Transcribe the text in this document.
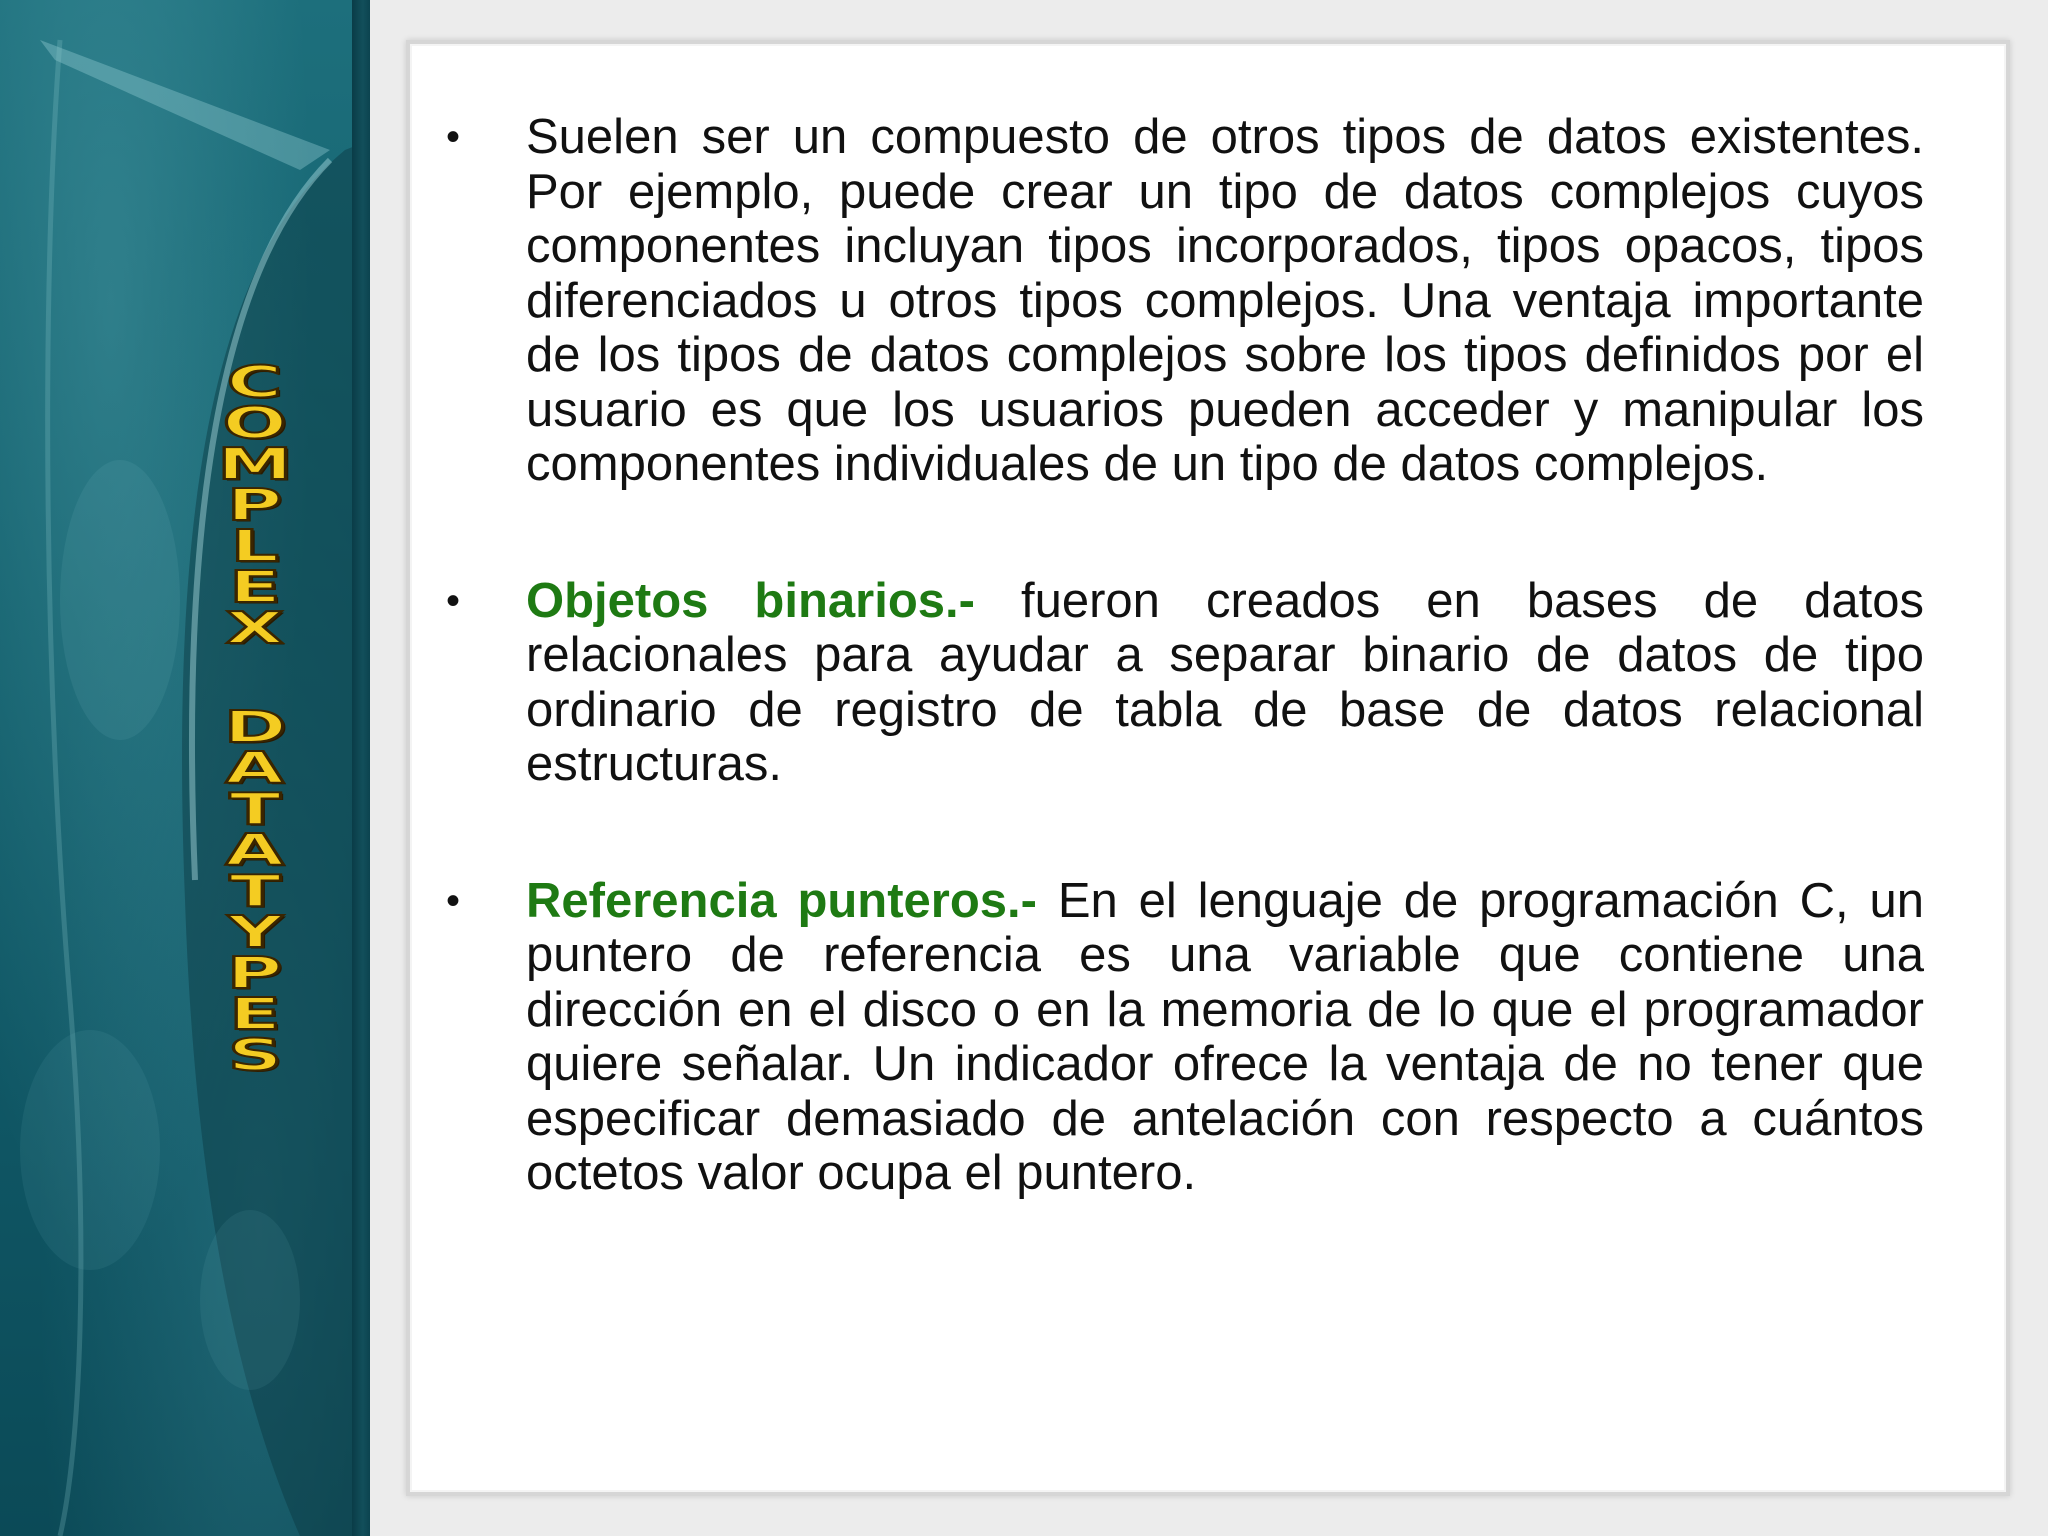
C
O
M
P
L
E
X
D
A
T
A
T
Y
P
E
S
• Suelen ser un compuesto de otros tipos de datos existentes. Por ejemplo, puede crear un tipo de datos complejos cuyos componentes incluyan tipos incorporados, tipos opacos, tipos diferenciados u otros tipos complejos. Una ventaja importante de los tipos de datos complejos sobre los tipos definidos por el usuario es que los usuarios pueden acceder y manipular los componentes individuales de un tipo de datos complejos.
• Objetos binarios.- fueron creados en bases de datos relacionales para ayudar a separar binario de datos de tipo ordinario de registro de tabla de base de datos relacional estructuras.
• Referencia punteros.- En el lenguaje de programación C, un puntero de referencia es una variable que contiene una dirección en el disco o en la memoria de lo que el programador quiere señalar. Un indicador ofrece la ventaja de no tener que especificar demasiado de antelación con respecto a cuántos octetos valor ocupa el puntero.
